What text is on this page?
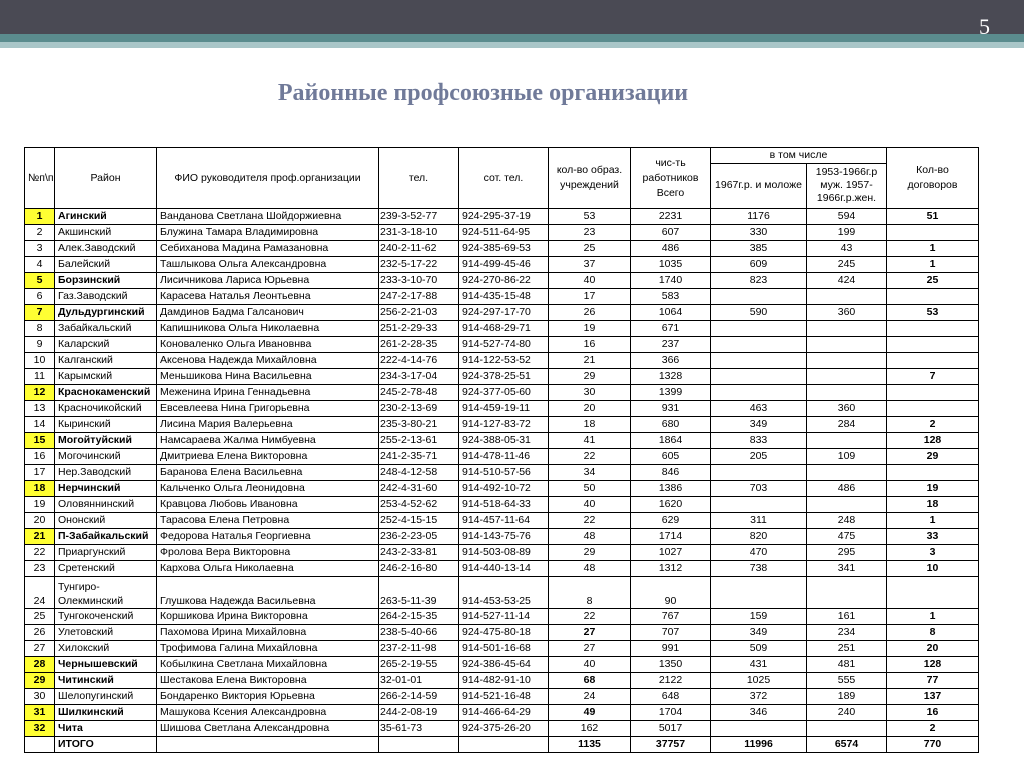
5
Районные профсоюзные организации
№п\п	Район	ФИО руководителя проф.организации	тел.	сот. тел.	кол-во образ. учреждений	чис-ть работников Всего	в том числе		Кол-во договоров
							1967г.р. и моложе	1953-1966г.р муж. 1957-1966г.р.жен.	
1	Агинский	Ванданова Светлана Шойдоржиевна	239-3-52-77	924-295-37-19	53	2231	1176	594	51
2	Акшинский	Блужина Тамара Владимировна	231-3-18-10	924-511-64-95	23	607	330	199	
3	Алек.Заводский	Себиханова Мадина Рамазановна	240-2-11-62	924-385-69-53	25	486	385	43	1
4	Балейский	Ташлыкова Ольга Александровна	232-5-17-22	914-499-45-46	37	1035	609	245	1
5	Борзинский	Лисичникова Лариса Юрьевна	233-3-10-70	924-270-86-22	40	1740	823	424	25
6	Газ.Заводский	Карасева Наталья Леонтьевна	247-2-17-88	914-435-15-48	17	583			
7	Дульдургинский	Дамдинов Бадма Галсанович	256-2-21-03	924-297-17-70	26	1064	590	360	53
8	Забайкальский	Капишникова Ольга Николаевна	251-2-29-33	914-468-29-71	19	671			
9	Каларский	Коноваленко Ольга Ивановнва	261-2-28-35	914-527-74-80	16	237			
10	Калганский	Аксенова Надежда Михайловна	222-4-14-76	914-122-53-52	21	366			
11	Карымский	Меньшикова Нина Васильевна	234-3-17-04	924-378-25-51	29	1328			7
12	Краснокаменский	Меженина Ирина Геннадьевна	245-2-78-48	924-377-05-60	30	1399			
13	Красночикойский	Евсевлеева Нина Григорьевна	230-2-13-69	914-459-19-11	20	931	463	360	
14	Кыринский	Лисина Мария Валерьевна	235-3-80-21	914-127-83-72	18	680	349	284	2
15	Могойтуйский	Намсараева Жалма Нимбуевна	255-2-13-61	924-388-05-31	41	1864	833		128
16	Могочинский	Дмитриева Елена Викторовна	241-2-35-71	914-478-11-46	22	605	205	109	29
17	Нер.Заводский	Баранова Елена Васильевна	248-4-12-58	914-510-57-56	34	846			
18	Нерчинский	Кальченко Ольга Леонидовна	242-4-31-60	914-492-10-72	50	1386	703	486	19
19	Оловяннинский	Кравцова Любовь Ивановна	253-4-52-62	914-518-64-33	40	1620			18
20	Ононский	Тарасова Елена Петровна	252-4-15-15	914-457-11-64	22	629	311	248	1
21	П-Забайкальский	Федорова Наталья Георгиевна	236-2-23-05	914-143-75-76	48	1714	820	475	33
22	Приаргунский	Фролова Вера Викторовна	243-2-33-81	914-503-08-89	29	1027	470	295	3
23	Сретенский	Кархова Ольга Николаевна	246-2-16-80	914-440-13-14	48	1312	738	341	10
24	Тунгиро-Олекминский	Глушкова Надежда Васильевна	263-5-11-39	914-453-53-25	8	90			
25	Тунгокоченский	Коршикова Ирина Викторовна	264-2-15-35	914-527-11-14	22	767	159	161	1
26	Улетовский	Пахомова Ирина Михайловна	238-5-40-66	924-475-80-18	27	707	349	234	8
27	Хилокский	Трофимова Галина Михайловна	237-2-11-98	914-501-16-68	27	991	509	251	20
28	Чернышевский	Кобылкина Светлана Михайловна	265-2-19-55	924-386-45-64	40	1350	431	481	128
29	Читинский	Шестакова Елена Викторовна	32-01-01	914-482-91-10	68	2122	1025	555	77
30	Шелопугинский	Бондаренко Виктория Юрьевна	266-2-14-59	914-521-16-48	24	648	372	189	137
31	Шилкинский	Машукова Ксения Александровна	244-2-08-19	914-466-64-29	49	1704	346	240	16
32	Чита	Шишова Светлана Александровна	35-61-73	924-375-26-20	162	5017			2
	ИТОГО				1135	37757	11996	6574	770
